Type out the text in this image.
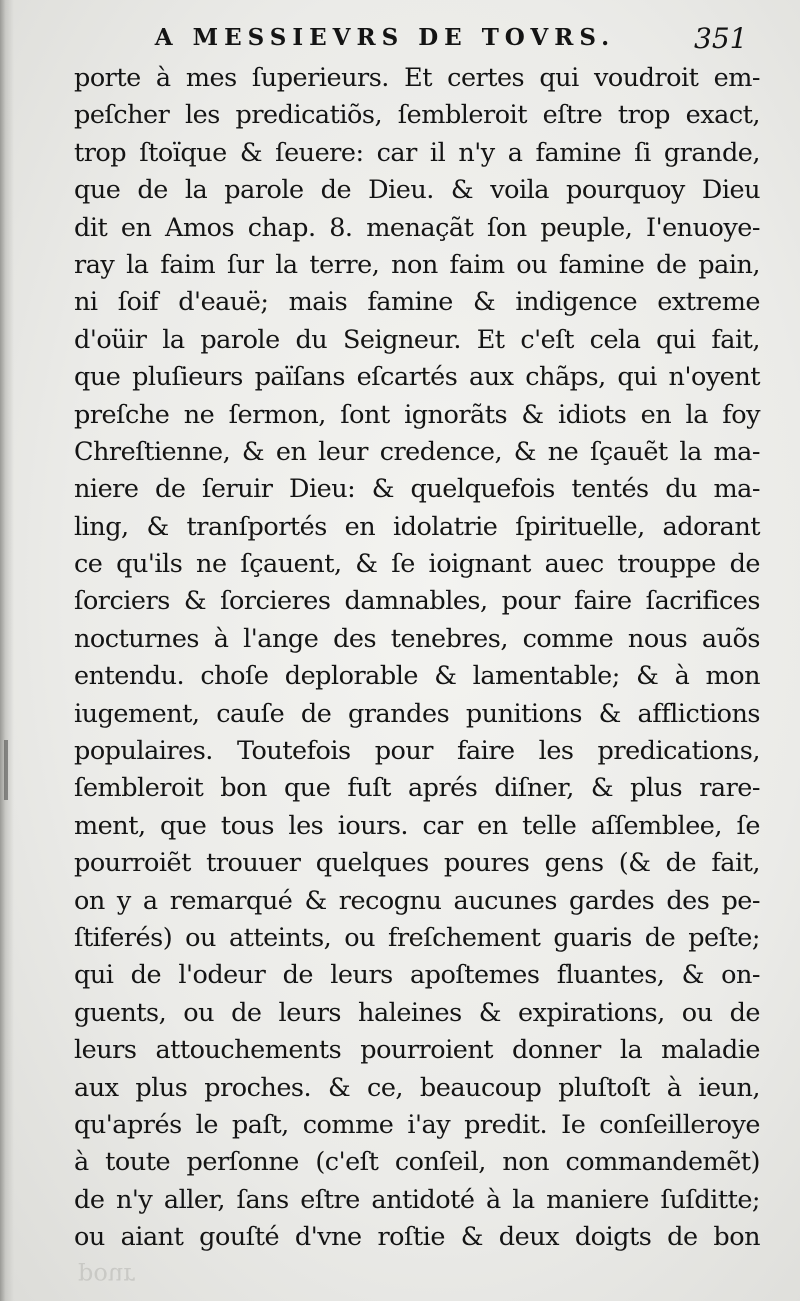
A MESSIEVRS DE TOVRS.	351
porte à mes ſuperieurs. Et certes qui voudroit em-
peſcher les predicatiõs, ſembleroit eſtre trop exact,
trop ſtoïque & ſeuere: car il n'y a famine ſi grande,
que de la parole de Dieu. & voila pourquoy Dieu
dit en Amos chap. 8. menaçãt ſon peuple, I'enuoye-
ray la faim ſur la terre, non faim ou famine de pain,
ni ſoif d'eauë; mais famine & indigence extreme
d'oüir la parole du Seigneur. Et c'eſt cela qui fait,
que pluſieurs païſans eſcartés aux chãps, qui n'oyent
preſche ne ſermon, ſont ignorãts & idiots en la foy
Chreſtienne, & en leur credence, & ne ſçauẽt la ma-
niere de ſeruir Dieu: & quelquefois tentés du ma-
ling, & tranſportés en idolatrie ſpirituelle, adorant
ce qu'ils ne ſçauent, & ſe ioignant auec trouppe de
ſorciers & ſorcieres damnables, pour faire ſacrifices
nocturnes à l'ange des tenebres, comme nous auõs
entendu. choſe deplorable & lamentable; & à mon
iugement, cauſe de grandes punitions & afflictions
populaires. Toutefois pour faire les predications,
ſembleroit bon que fuſt aprés diſner, & plus rare-
ment, que tous les iours. car en telle aſſemblee, ſe
pourroiẽt trouuer quelques poures gens (& de fait,
on y a remarqué & recognu aucunes gardes des pe-
ſtiferés) ou atteints, ou freſchement guaris de peſte;
qui de l'odeur de leurs apoſtemes fluantes, & on-
guents, ou de leurs haleines & expirations, ou de
leurs attouchements pourroient donner la maladie
aux plus proches. & ce, beaucoup pluſtoſt à ieun,
qu'aprés le paſt, comme i'ay predit. Ie conſeilleroye
à toute perſonne (c'eſt conſeil, non commandemẽt)
de n'y aller, ſans eſtre antidoté à la maniere ſuſditte;
ou aiant gouſté d'vne roſtie & deux doigts de bon
pour
